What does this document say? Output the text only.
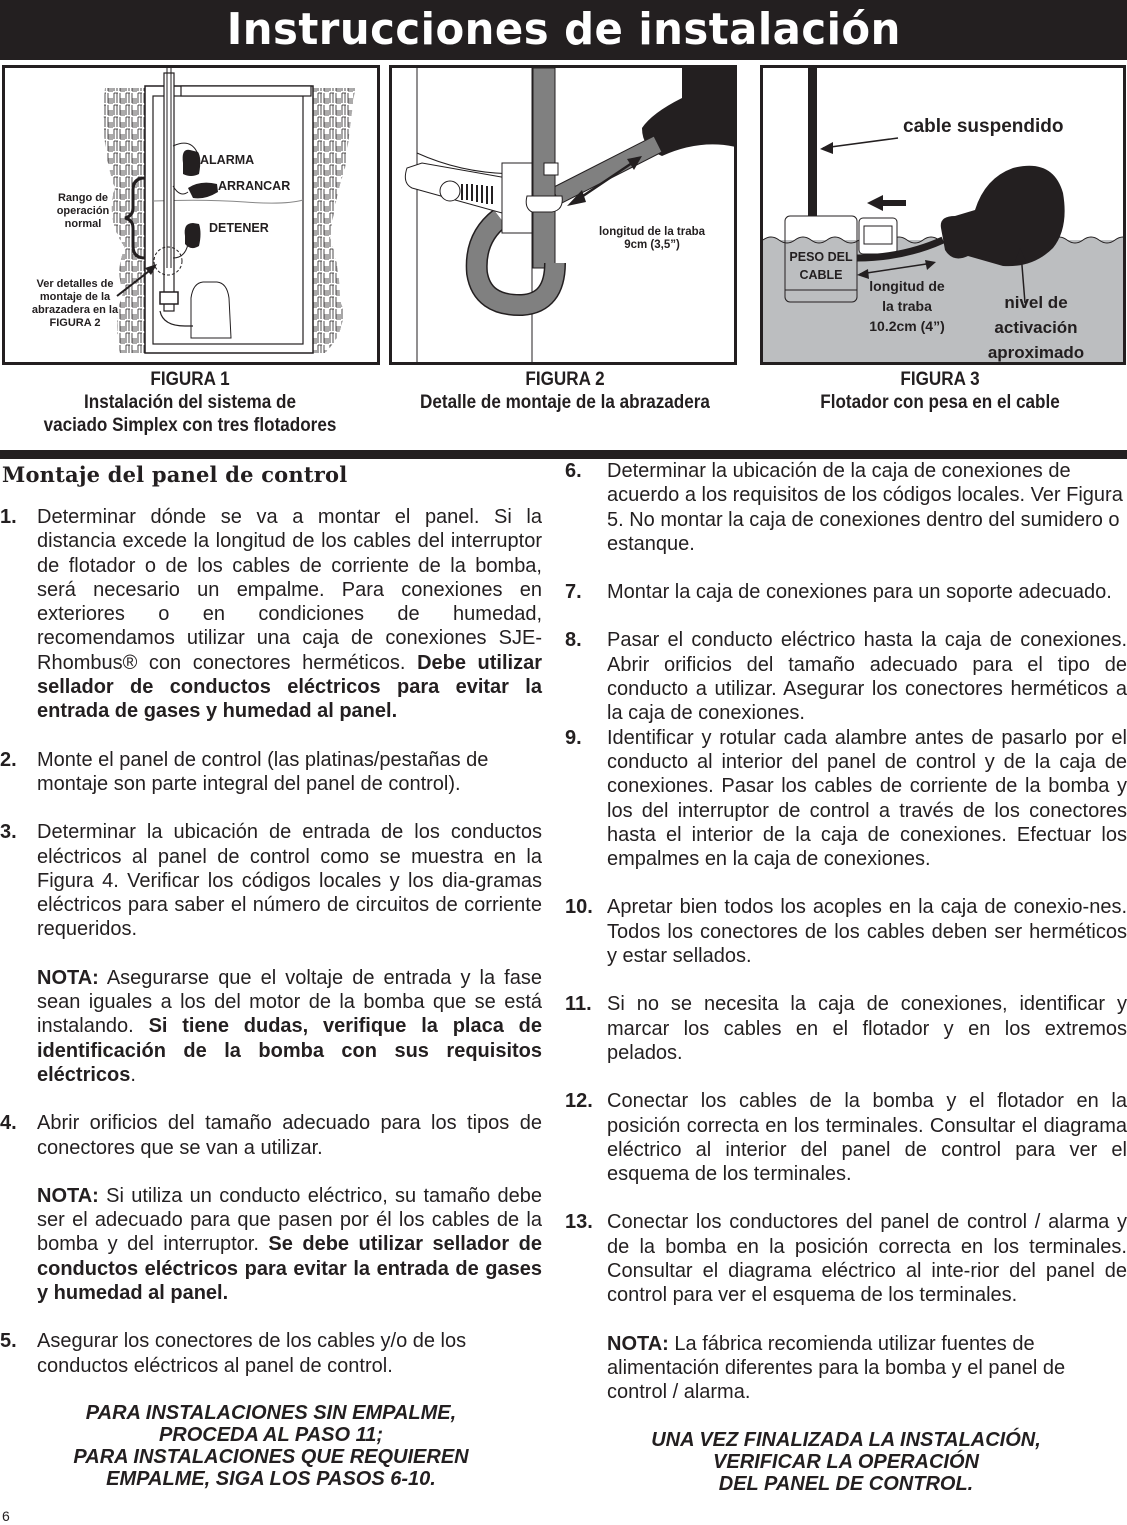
Instrucciones de instalación
ALARMA
ARRANCAR
DETENER
Rango de
operación
normal
Ver detalles de
montaje de la
abrazadera en la
FIGURA 2
longitud de la traba
9cm (3,5”)
cable suspendido
PESO DEL
CABLE
longitud de
la traba
10.2cm (4”)
nivel de
activación
aproximado
FIGURA 1
Instalación del sistema de
vaciado Simplex con tres flotadores
FIGURA 2
Detalle de montaje de la abrazadera
FIGURA 3
Flotador con pesa en el cable
Montaje del panel de control
1. Determinar dónde se va a montar el panel. Si la distancia excede la longitud de los cables del interruptor de flotador o de los cables de corriente de la bomba, será necesario un empalme. Para conexiones en exteriores o en condiciones de humedad, recomendamos utilizar una caja de conexiones SJE-Rhombus® con conectores herméticos. Debe utilizar sellador de conductos eléctricos para evitar la entrada de gases y humedad al panel.

2. Monte el panel de control (las platinas/pestañas de montaje son parte integral del panel de control).

3. Determinar la ubicación de entrada de los conductos eléctricos al panel de control como se muestra en la Figura 4. Verificar los códigos locales y los dia-gramas eléctricos para saber el número de circuitos de corriente requeridos.

NOTA: Asegurarse que el voltaje de entrada y la fase sean iguales a los del motor de la bomba que se está instalando. Si tiene dudas, verifique la placa de identificación de la bomba con sus requisitos eléctricos.

4. Abrir orificios del tamaño adecuado para los tipos de conectores que se van a utilizar.

NOTA: Si utiliza un conducto eléctrico, su tamaño debe ser el adecuado para que pasen por él los cables de la bomba y del interruptor. Se debe utilizar sellador de conductos eléctricos para evitar la entrada de gases y humedad al panel.

5. Asegurar los conectores de los cables y/o de los conductos eléctricos al panel de control.

PARA INSTALACIONES SIN EMPALME,
PROCEDA AL PASO 11;
PARA INSTALACIONES QUE REQUIEREN
EMPALME, SIGA LOS PASOS 6-10.
6. Determinar la ubicación de la caja de conexiones de acuerdo a los requisitos de los códigos locales. Ver Figura 5. No montar la caja de conexiones dentro del sumidero o estanque.

7. Montar la caja de conexiones para un soporte adecuado.

8. Pasar el conducto eléctrico hasta la caja de conexiones. Abrir orificios del tamaño adecuado para el tipo de conducto a utilizar. Asegurar los conectores herméticos a la caja de conexiones.

9. Identificar y rotular cada alambre antes de pasarlo por el conducto al interior del panel de control y de la caja de conexiones. Pasar los cables de corriente de la bomba y los del interruptor de control a través de los conectores hasta el interior de la caja de conexiones. Efectuar los empalmes en la caja de conexiones.

10. Apretar bien todos los acoples en la caja de conexio-nes. Todos los conectores de los cables deben ser herméticos y estar sellados.

11. Si no se necesita la caja de conexiones, identificar y marcar los cables en el flotador y en los extremos pelados.

12. Conectar los cables de la bomba y el flotador en la posición correcta en los terminales. Consultar el diagrama eléctrico al interior del panel de control para ver el esquema de los terminales.

13. Conectar los conductores del panel de control / alarma y de la bomba en la posición correcta en los terminales. Consultar el diagrama eléctrico al inte-rior del panel de control para ver el esquema de los terminales.

NOTA: La fábrica recomienda utilizar fuentes de alimentación diferentes para la bomba y el panel de control / alarma.

UNA VEZ FINALIZADA LA INSTALACIÓN,
VERIFICAR LA OPERACIÓN
DEL PANEL DE CONTROL.
6
